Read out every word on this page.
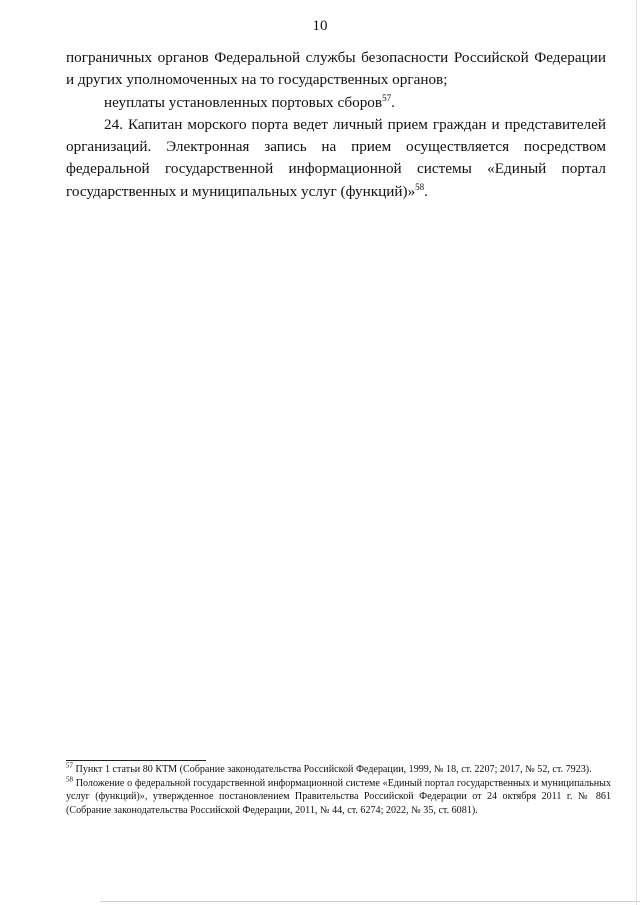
10

пограничных органов Федеральной службы безопасности Российской Федерации и других уполномоченных на то государственных органов;

неуплаты установленных портовых сборов$^{57}$.

24. Капитан морского порта ведет личный прием граждан и представителей организаций. Электронная запись на прием осуществляется посредством федеральной государственной информационной системы «Единый портал государственных и муниципальных услуг (функций)»$^{58}$.

$^{57}$ Пункт 1 статьи 80 КТМ (Собрание законодательства Российской Федерации, 1999, № 18, ст. 2207; 2017, № 52, ст. 7923).

$^{58}$ Положение о федеральной государственной информационной системе «Единый портал государственных и муниципальных услуг (функций)», утвержденное постановлением Правительства Российской Федерации от 24 октября 2011 г. № 861 (Собрание законодательства Российской Федерации, 2011, № 44, ст. 6274; 2022, № 35, ст. 6081).
